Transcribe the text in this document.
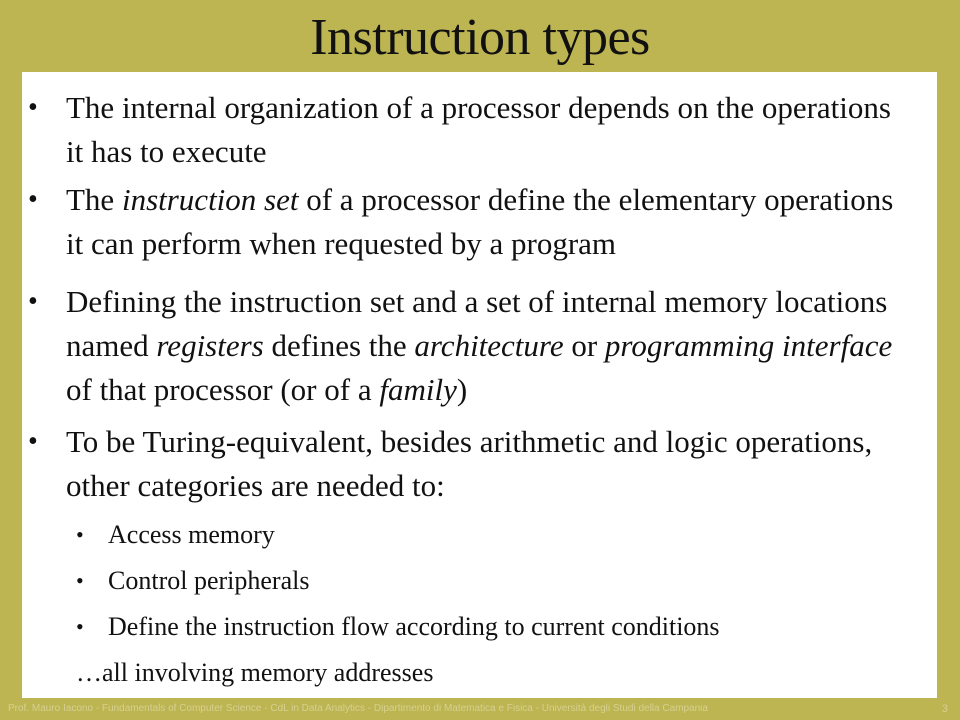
Instruction types
• The internal organization of a processor depends on the operations it has to execute
• The instruction set of a processor define the elementary operations it can perform when requested by a program
• Defining the instruction set and a set of internal memory locations named registers defines the architecture or programming interface of that processor (or of a family)
• To be Turing-equivalent, besides arithmetic and logic operations, other categories are needed to:
• Access memory
• Control peripherals
• Define the instruction flow according to current conditions
…all involving memory addresses
Prof. Mauro Iacono - Fundamentals of Computer Science - CdL in Data Analytics - Dipartimento di Matematica e Fisica - Università degli Studi della Campania	3
